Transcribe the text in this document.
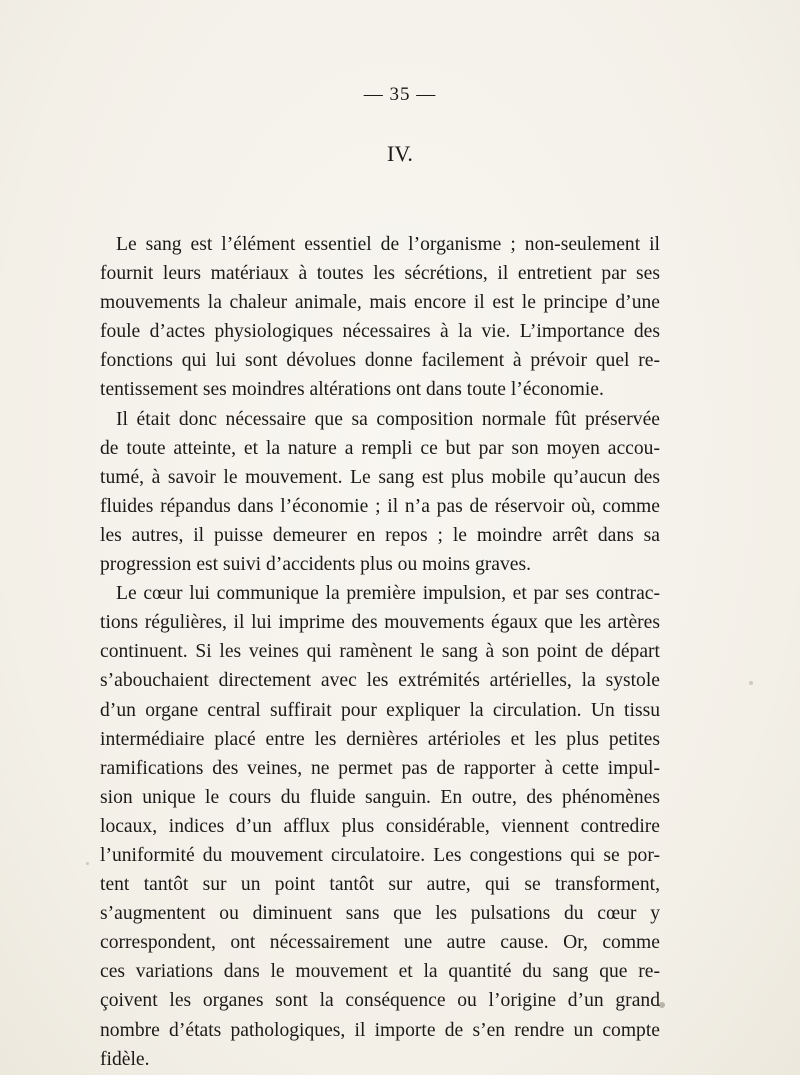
— 35 —
IV.
Le sang est l’élément essentiel de l’organisme ; non-seulement il
fournit leurs matériaux à toutes les sécrétions, il entretient par ses
mouvements la chaleur animale, mais encore il est le principe d’une
foule d’actes physiologiques nécessaires à la vie. L’importance des
fonctions qui lui sont dévolues donne facilement à prévoir quel re-
tentissement ses moindres altérations ont dans toute l’économie.
Il était donc nécessaire que sa composition normale fût préservée
de toute atteinte, et la nature a rempli ce but par son moyen accou-
tumé, à savoir le mouvement. Le sang est plus mobile qu’aucun des
fluides répandus dans l’économie ; il n’a pas de réservoir où, comme
les autres, il puisse demeurer en repos ; le moindre arrêt dans sa
progression est suivi d’accidents plus ou moins graves.
Le cœur lui communique la première impulsion, et par ses contrac-
tions régulières, il lui imprime des mouvements égaux que les artères
continuent. Si les veines qui ramènent le sang à son point de départ
s’abouchaient directement avec les extrémités artérielles, la systole
d’un organe central suffirait pour expliquer la circulation. Un tissu
intermédiaire placé entre les dernières artérioles et les plus petites
ramifications des veines, ne permet pas de rapporter à cette impul-
sion unique le cours du fluide sanguin. En outre, des phénomènes
locaux, indices d’un afflux plus considérable, viennent contredire
l’uniformité du mouvement circulatoire. Les congestions qui se por-
tent tantôt sur un point tantôt sur autre, qui se transforment,
s’augmentent ou diminuent sans que les pulsations du cœur y
correspondent, ont nécessairement une autre cause. Or, comme
ces variations dans le mouvement et la quantité du sang que re-
çoivent les organes sont la conséquence ou l’origine d’un grand
nombre d’états pathologiques, il importe de s’en rendre un compte
fidèle.
